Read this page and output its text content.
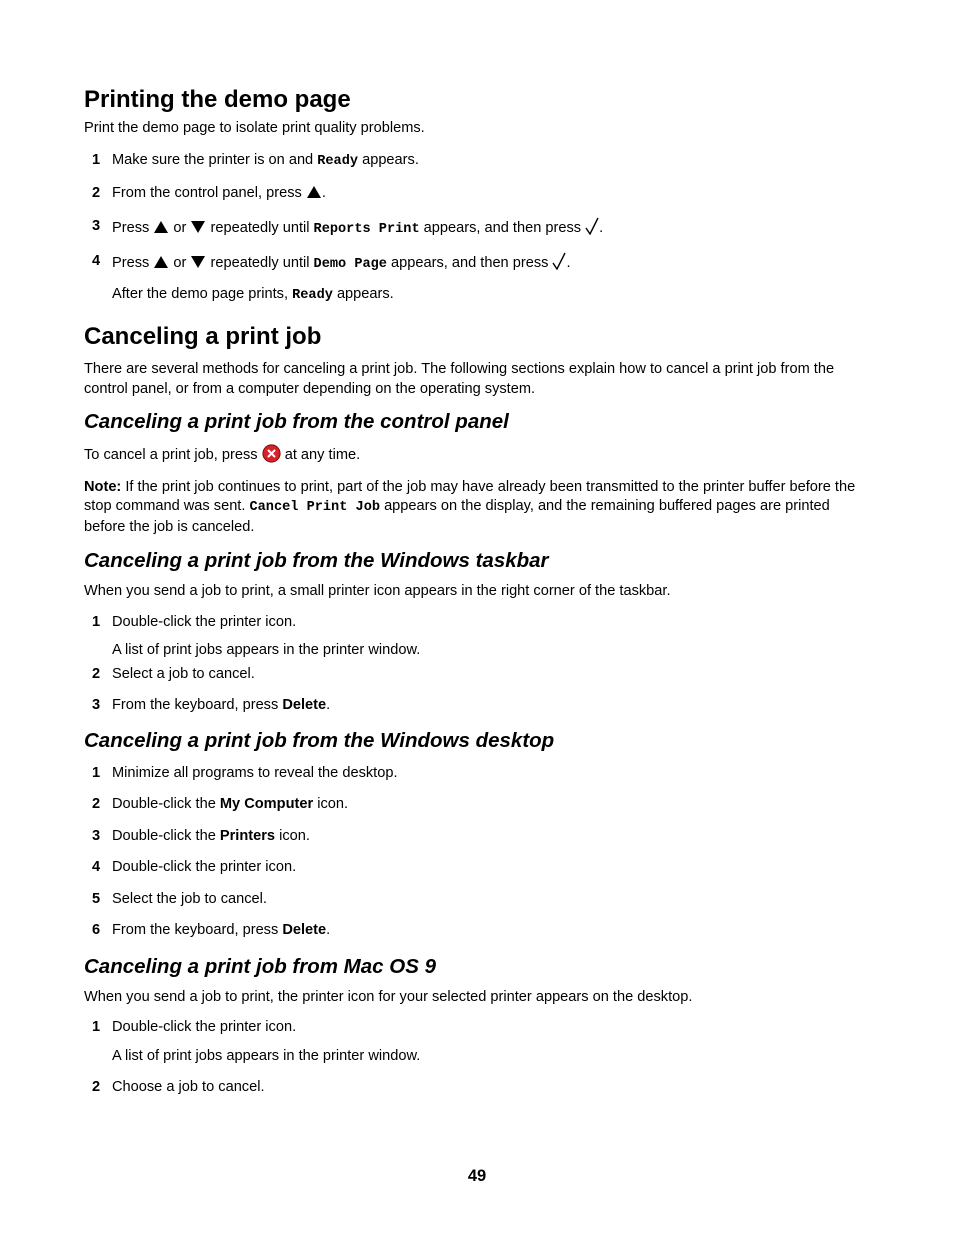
Printing the demo page

Print the demo page to isolate print quality problems.

1 Make sure the printer is on and Ready appears.
2 From the control panel, press .
3 Press  or  repeatedly until Reports Print appears, and then press .
4 Press  or  repeatedly until Demo Page appears, and then press .
After the demo page prints, Ready appears.
Canceling a print job

There are several methods for canceling a print job. The following sections explain how to cancel a print job from the control panel, or from a computer depending on the operating system.

Canceling a print job from the control panel

To cancel a print job, press  at any time.

Note: If the print job continues to print, part of the job may have already been transmitted to the printer buffer before the stop command was sent. Cancel Print Job appears on the display, and the remaining buffered pages are printed before the job is canceled.

Canceling a print job from the Windows taskbar

When you send a job to print, a small printer icon appears in the right corner of the taskbar.

1 Double-click the printer icon.
A list of print jobs appears in the printer window.
2 Select a job to cancel.
3 From the keyboard, press Delete.
Canceling a print job from the Windows desktop
1 Minimize all programs to reveal the desktop.
2 Double-click the My Computer icon.
3 Double-click the Printers icon.
4 Double-click the printer icon.
5 Select the job to cancel.
6 From the keyboard, press Delete.
Canceling a print job from Mac OS 9

When you send a job to print, the printer icon for your selected printer appears on the desktop.

1 Double-click the printer icon.
A list of print jobs appears in the printer window.
2 Choose a job to cancel.
49
